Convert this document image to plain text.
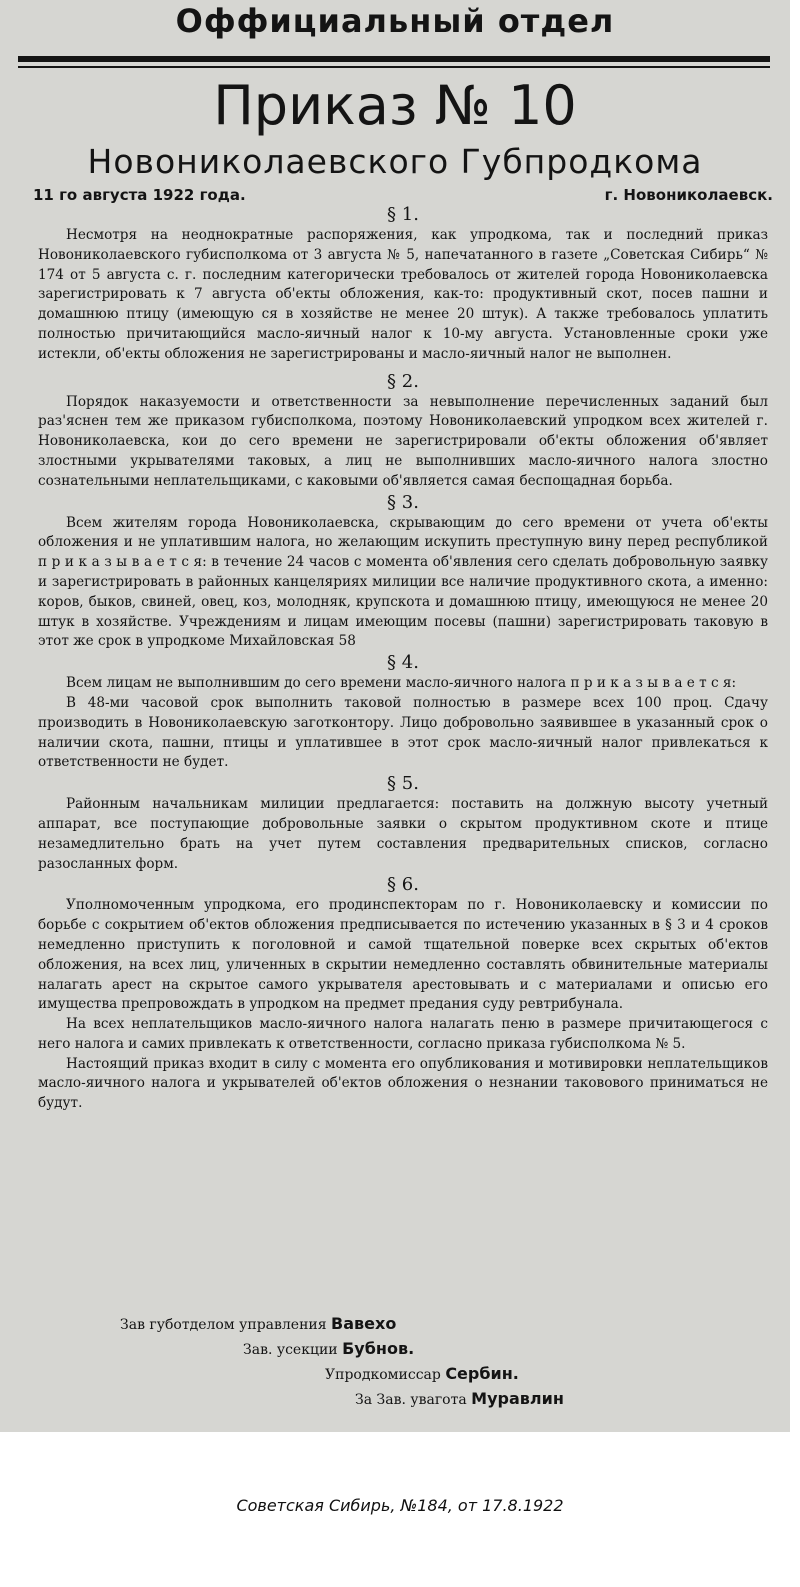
Оффициальный отдел
Приказ № 10
Новониколаевского Губпродкома
11 го августа 1922 года.	г. Новониколаевск.
§ 1.

Несмотря на неоднократные распоряжения, как упродкома, так и последний приказ Новониколаевского губисполкома от 3 августа № 5, напечатанного в газете „Советская Сибирь“ № 174 от 5 августа с. г. последним категорически требовалось от жителей города Новониколаевска зарегистрировать к 7 августа об'екты обложения, как-то: продуктивный скот, посев пашни и домашнюю птицу (имеющую ся в хозяйстве не менее 20 штук). А также требовалось уплатить полностью причитающийся масло-яичный налог к 10-му августа. Установленные сроки уже истекли, об'екты обложения не зарегистрированы и масло-яичный налог не выполнен.

§ 2.

Порядок наказуемости и ответственности за невыполнение перечисленных заданий был раз'яснен тем же приказом губисполкома, поэтому Новониколаевский упродком всех жителей г. Новониколаевска, кои до сего времени не зарегистрировали об'екты обложения об'являет злостными укрывателями таковых, а лиц не выполнивших масло-яичного налога злостно сознательными неплательщиками, с каковыми об'является самая беспощадная борьба.

§ 3.

Всем жителям города Новониколаевска, скрывающим до сего времени от учета об'екты обложения и не уплатившим налога, но желающим искупить преступную вину перед республикой п р и к а з ы в а е т с я: в течение 24 часов с момента об'явления сего сделать добровольную заявку и зарегистрировать в районных канцеляриях милиции все наличие продуктивного скота, а именно: коров, быков, свиней, овец, коз, молодняк, крупскота и домашнюю птицу, имеющуюся не менее 20 штук в хозяйстве. Учреждениям и лицам имеющим посевы (пашни) зарегистрировать таковую в этот же срок в упродкоме Михайловская 58

§ 4.

Всем лицам не выполнившим до сего времени масло-яичного налога п р и к а з ы в а е т с я:

В 48-ми часовой срок выполнить таковой полностью в размере всех 100 проц. Сдачу производить в Новониколаевскую заготконтору. Лицо добровольно заявившее в указанный срок о наличии скота, пашни, птицы и уплатившее в этот срок масло-яичный налог привлекаться к ответственности не будет.

§ 5.

Районным начальникам милиции предлагается: поставить на должную высоту учетный аппарат, все поступающие добровольные заявки о скрытом продуктивном скоте и птице незамедлительно брать на учет путем составления предварительных списков, согласно разосланных форм.

§ 6.

Уполномоченным упродкома, его продинспекторам по г. Новониколаевску и комиссии по борьбе с сокрытием об'ектов обложения предписывается по истечению указанных в § 3 и 4 сроков немедленно приступить к поголовной и самой тщательной поверке всех скрытых об'ектов обложения, на всех лиц, уличенных в скрытии немедленно составлять обвинительные материалы налагать арест на скрытое самого укрывателя арестовывать и с материалами и описью его имущества препровождать в упродком на предмет предания суду ревтрибунала.

На всех неплательщиков масло-яичного налога налагать пеню в размере причитающегося с него налога и самих привлекать к ответственности, согласно приказа губисполкома № 5.

Настоящий приказ входит в силу с момента его опубликования и мотивировки неплательщиков масло-яичного налога и укрывателей об'ектов обложения о незнании таковового приниматься не будут.

Зав губотделом управления Вавехо
Зав. усекции Бубнов.
Упродкомиссар Сербин.
За Зав. уваготa Муравлин
Советская Сибирь, №184, от 17.8.1922
